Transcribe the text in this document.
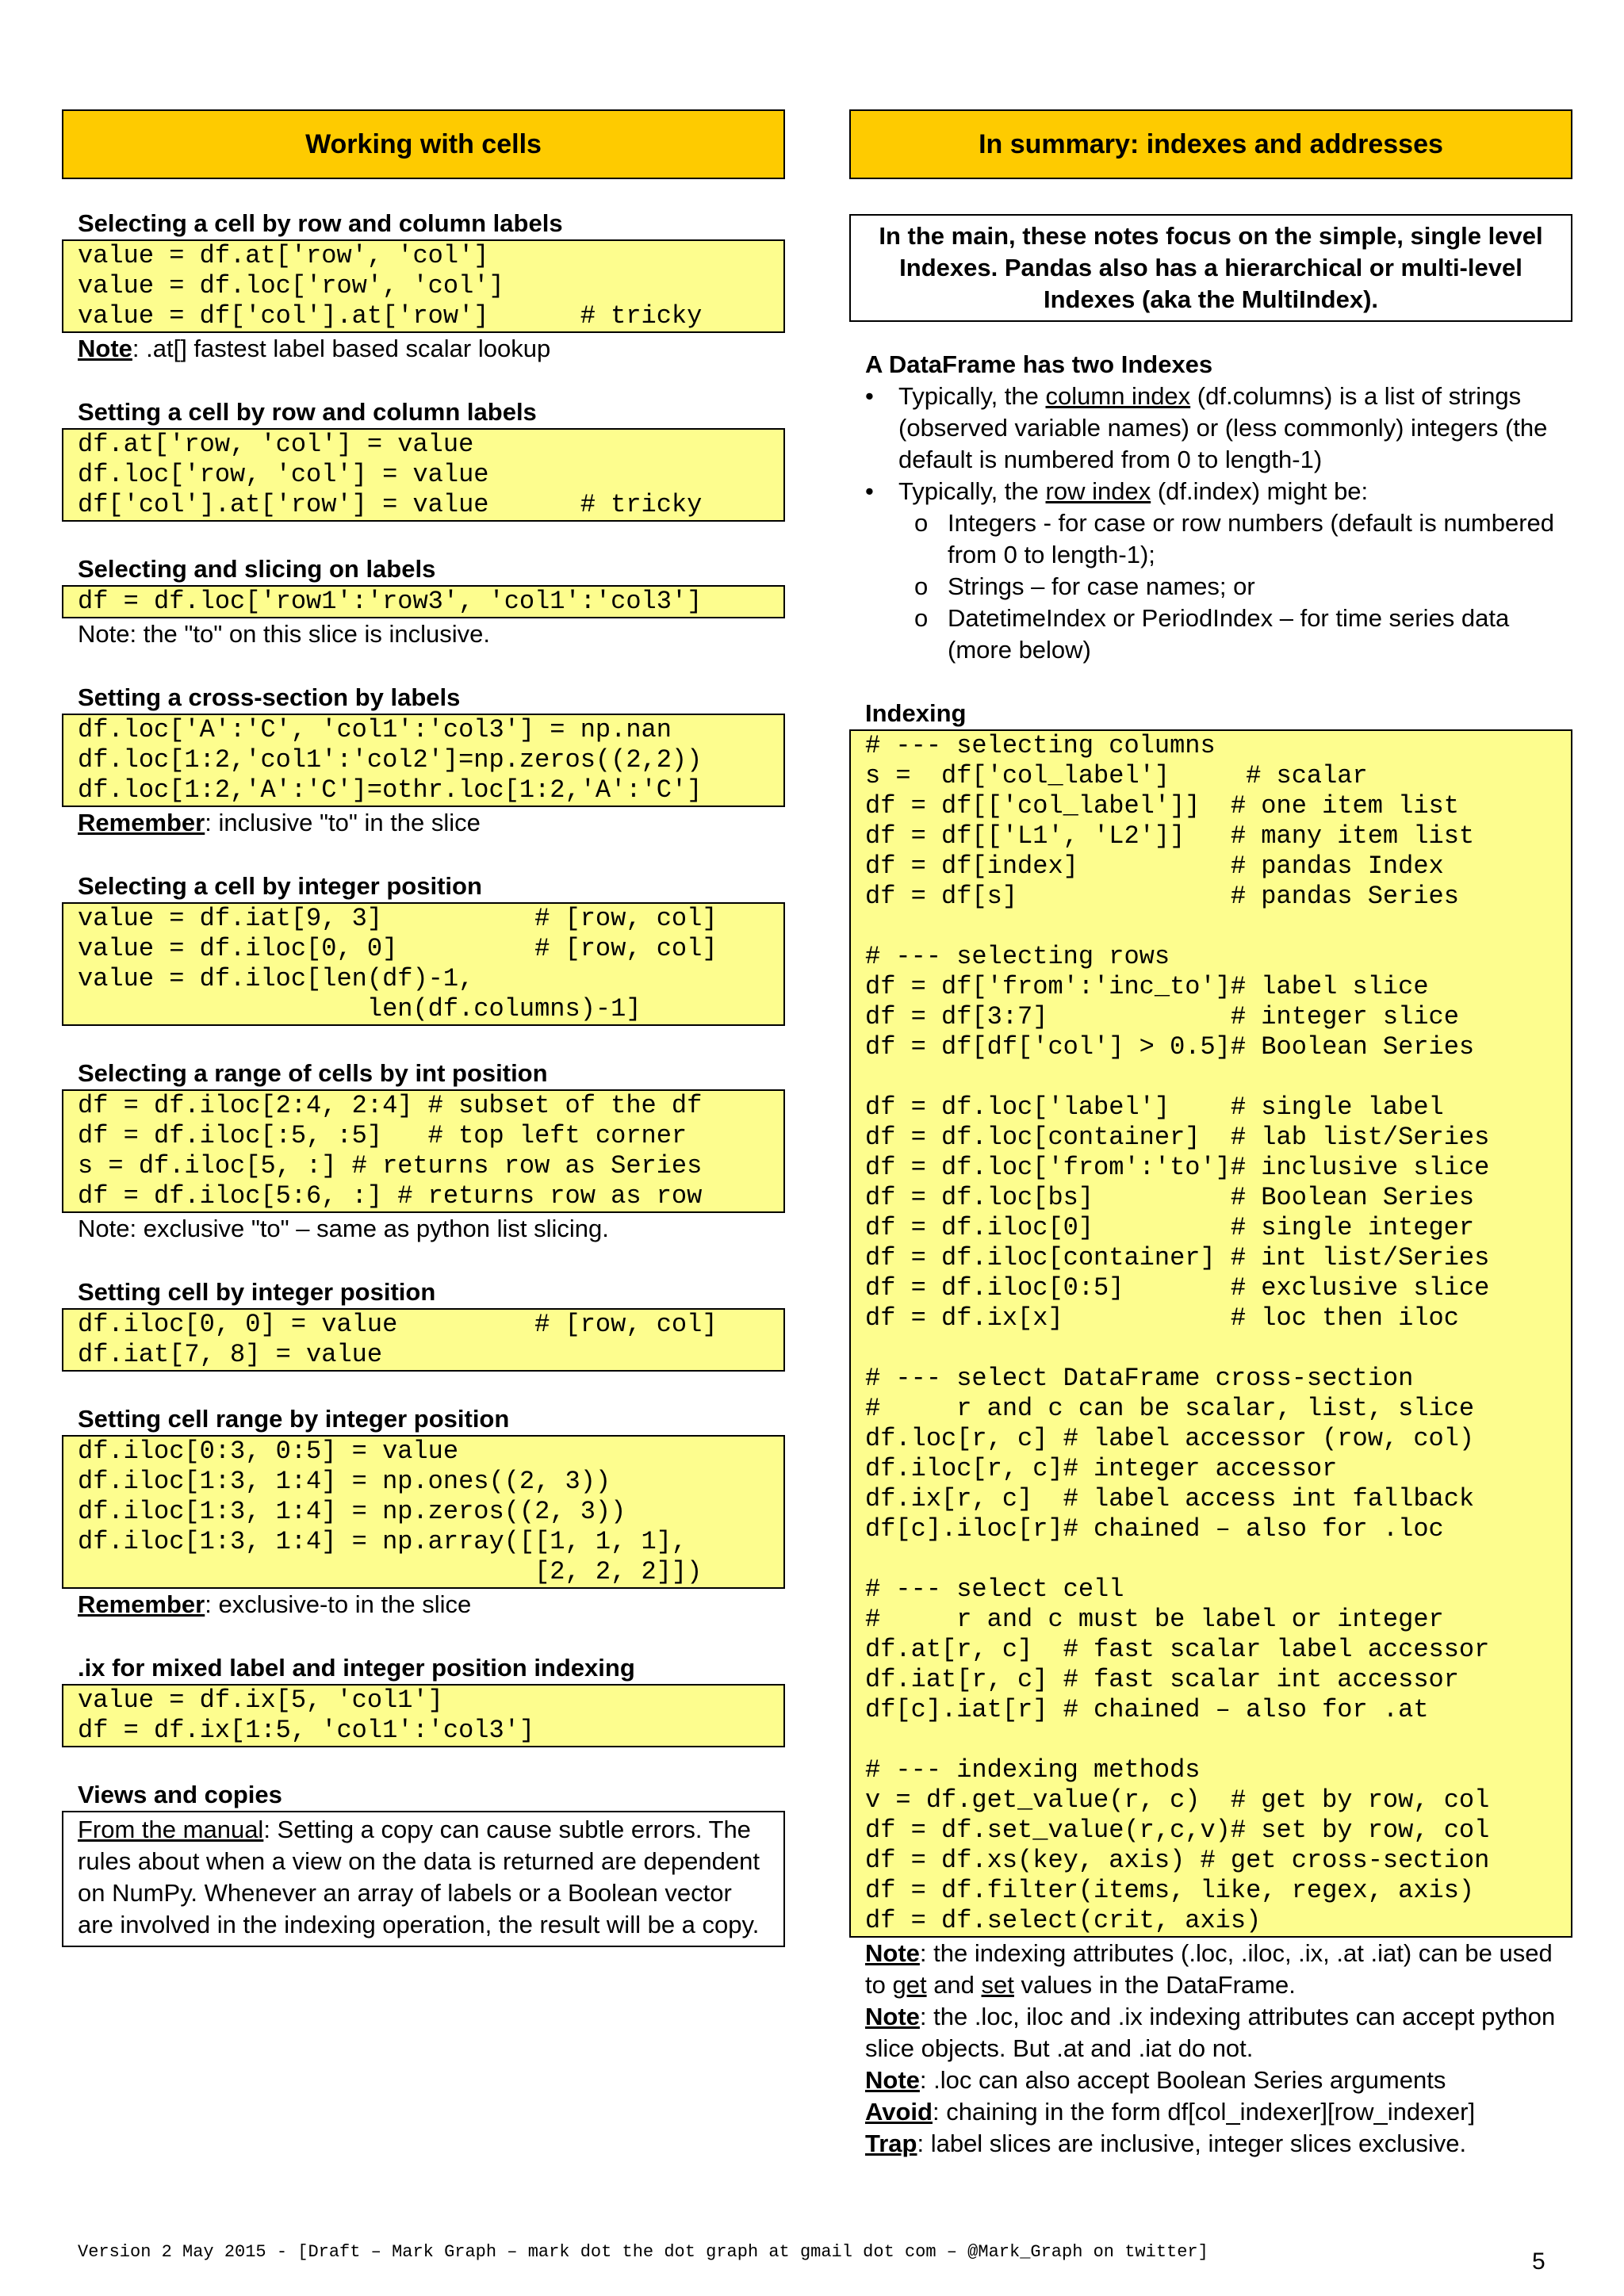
Working with cells

Selecting a cell by row and column labels

value = df.at['row', 'col']
value = df.loc['row', 'col']
value = df['col'].at['row']      # tricky

Note: .at[] fastest label based scalar lookup

Setting a cell by row and column labels

df.at['row, 'col'] = value
df.loc['row, 'col'] = value
df['col'].at['row'] = value      # tricky

Selecting and slicing on labels

df = df.loc['row1':'row3', 'col1':'col3']

Note: the "to" on this slice is inclusive.

Setting a cross-section by labels

df.loc['A':'C', 'col1':'col3'] = np.nan
df.loc[1:2,'col1':'col2']=np.zeros((2,2))
df.loc[1:2,'A':'C']=othr.loc[1:2,'A':'C']

Remember: inclusive "to" in the slice

Selecting a cell by integer position

value = df.iat[9, 3]          # [row, col]
value = df.iloc[0, 0]         # [row, col]
value = df.iloc[len(df)-1,
len(df.columns)-1]

Selecting a range of cells by int position

df = df.iloc[2:4, 2:4] # subset of the df
df = df.iloc[:5, :5]   # top left corner
s = df.iloc[5, :] # returns row as Series
df = df.iloc[5:6, :] # returns row as row

Note: exclusive "to" – same as python list slicing.

Setting cell by integer position

df.iloc[0, 0] = value         # [row, col]
df.iat[7, 8] = value

Setting cell range by integer position

df.iloc[0:3, 0:5] = value
df.iloc[1:3, 1:4] = np.ones((2, 3))
df.iloc[1:3, 1:4] = np.zeros((2, 3))
df.iloc[1:3, 1:4] = np.array([[1, 1, 1],
[2, 2, 2]])

Remember: exclusive-to in the slice

.ix for mixed label and integer position indexing

value = df.ix[5, 'col1']
df = df.ix[1:5, 'col1':'col3']

Views and copies

From the manual: Setting a copy can cause subtle errors. The rules about when a view on the data is returned are dependent on NumPy. Whenever an array of labels or a Boolean vector are involved in the indexing operation, the result will be a copy.
In summary: indexes and addresses
In the main, these notes focus on the simple, single level Indexes. Pandas also has a hierarchical or multi-level Indexes (aka the MultiIndex).

A DataFrame has two Indexes

• Typically, the column index (df.columns) is a list of strings (observed variable names) or (less commonly) integers (the default is numbered from 0 to length-1)
• Typically, the row index (df.index) might be:
o Integers - for case or row numbers (default is numbered from 0 to length-1);
o Strings – for case names; or
o DatetimeIndex or PeriodIndex – for time series data (more below)

Indexing

# --- selecting columns
s =  df['col_label']     # scalar
df = df[['col_label']]  # one item list
df = df[['L1', 'L2']]   # many item list
df = df[index]          # pandas Index
df = df[s]              # pandas Series

# --- selecting rows
df = df['from':'inc_to']# label slice
df = df[3:7]            # integer slice
df = df[df['col'] > 0.5]# Boolean Series

df = df.loc['label']    # single label
df = df.loc[container]  # lab list/Series
df = df.loc['from':'to']# inclusive slice
df = df.loc[bs]         # Boolean Series
df = df.iloc[0]         # single integer
df = df.iloc[container] # int list/Series
df = df.iloc[0:5]       # exclusive slice
df = df.ix[x]           # loc then iloc

# --- select DataFrame cross-section
#     r and c can be scalar, list, slice
df.loc[r, c] # label accessor (row, col)
df.iloc[r, c]# integer accessor
df.ix[r, c]  # label access int fallback
df[c].iloc[r]# chained – also for .loc

# --- select cell
#     r and c must be label or integer
df.at[r, c]  # fast scalar label accessor
df.iat[r, c] # fast scalar int accessor
df[c].iat[r] # chained – also for .at

# --- indexing methods
v = df.get_value(r, c)  # get by row, col
df = df.set_value(r,c,v)# set by row, col
df = df.xs(key, axis) # get cross-section
df = df.filter(items, like, regex, axis)
df = df.select(crit, axis)

Note: the indexing attributes (.loc, .iloc, .ix, .at .iat) can be used to get and set values in the DataFrame.

Note: the .loc, iloc and .ix indexing attributes can accept python slice objects. But .at and .iat do not.

Note: .loc can also accept Boolean Series arguments

Avoid: chaining in the form df[col_indexer][row_indexer]

Trap: label slices are inclusive, integer slices exclusive.

Version 2 May 2015 - [Draft – Mark Graph – mark dot the dot graph at gmail dot com – @Mark_Graph on twitter]	5
